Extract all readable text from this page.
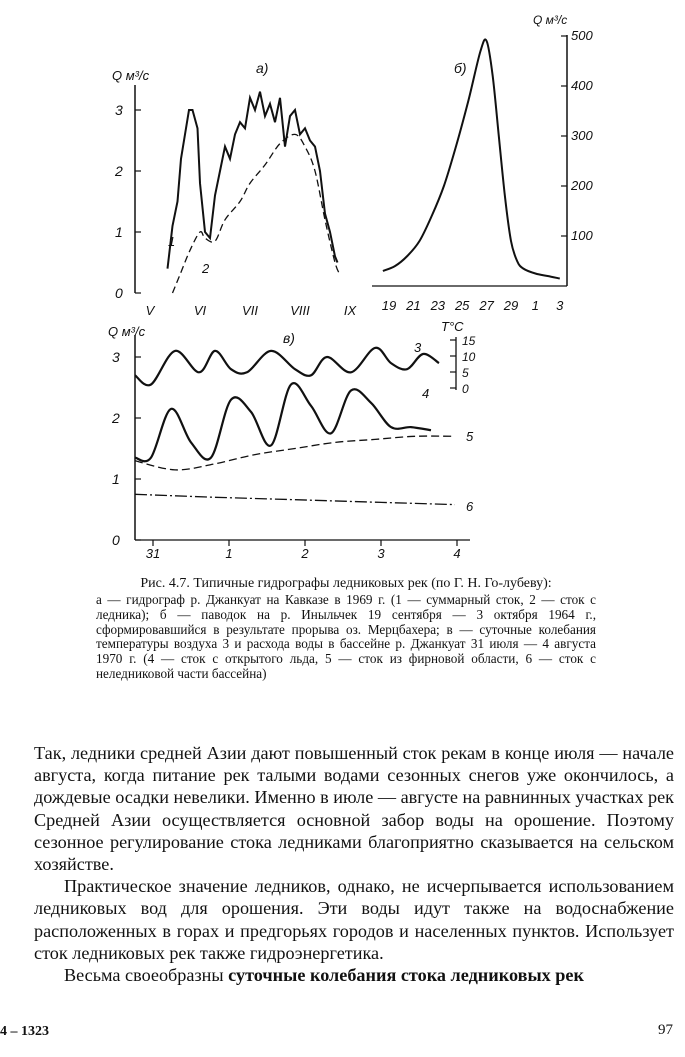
Q м³/с	a)
0
1
2
3
V	VI	VII VIII	IX
1
2
Q м³/с
б)
100
200
300
400
500
19 21 23 25 27 29 1 3
Q м³/с	в)
T°C
0
1
2
3
15
10
5
0
31	1	2	3	4
3
4
5
6
Рис. 4.7. Типичные гидрографы ледниковых рек (по Г. Н. Го-лубеву):
а — гидрограф р. Джанкуат на Кавказе в 1969 г. (1 — суммарный сток, 2 — сток с ледника); б — паводок на р. Иныльчек 19 сентября — 3 октября 1964 г., сформировавшийся в результате прорыва оз. Мерцбахера; в — суточные колебания температуры воздуха 3 и расхода воды в бассейне р. Джанкуат 31 июля — 4 августа 1970 г. (4 — сток с открытого льда, 5 — сток из фирновой области, 6 — сток с неледниковой части бассейна)

Так, ледники средней Азии дают повышенный сток рекам в конце июля — начале августа, когда питание рек талыми водами сезонных снегов уже окончилось, а дождевые осадки невелики. Именно в июле — августе на равнинных участках рек Средней Азии осуществляется основной забор воды на орошение. Поэтому сезонное регулирование стока ледниками благоприятно сказывается на сельском хозяйстве.

Практическое значение ледников, однако, не исчерпывается использованием ледниковых вод для орошения. Эти воды идут также на водоснабжение расположенных в горах и предгорьях городов и населенных пунктов. Использует сток ледниковых рек также гидроэнергетика.

Весьма своеобразны суточные колебания стока ледниковых рек

4 – 1323	97
